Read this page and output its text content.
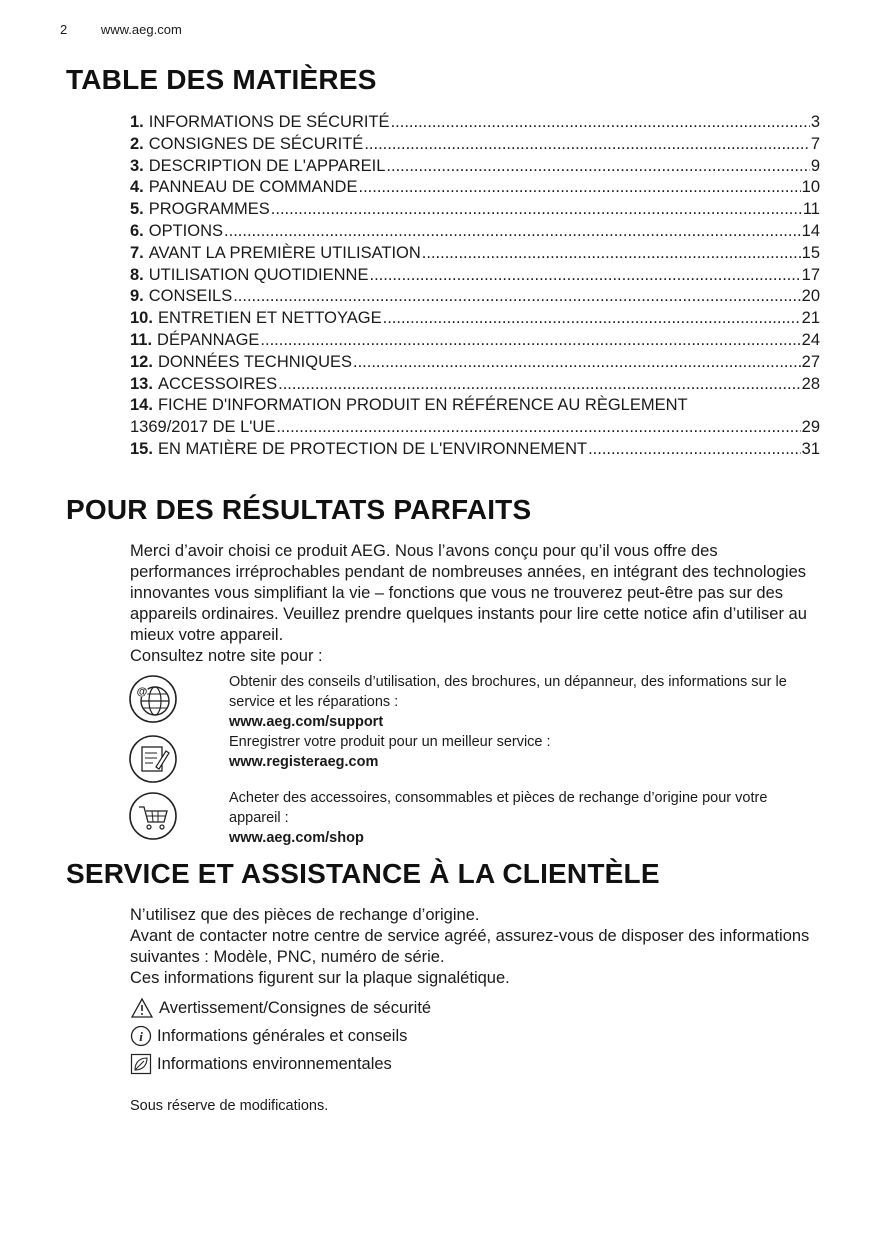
2	www.aeg.com
TABLE DES MATIÈRES
1. INFORMATIONS DE SÉCURITÉ .....	3
2. CONSIGNES DE SÉCURITÉ .....	7
3. DESCRIPTION DE L'APPAREIL .....	9
4. PANNEAU DE COMMANDE .....	10
5. PROGRAMMES .....	11
6. OPTIONS .....	14
7. AVANT LA PREMIÈRE UTILISATION .....	15
8. UTILISATION QUOTIDIENNE .....	17
9. CONSEILS .....	20
10. ENTRETIEN ET NETTOYAGE .....	21
11. DÉPANNAGE .....	24
12. DONNÉES TECHNIQUES .....	27
13. ACCESSOIRES .....	28
14. FICHE D'INFORMATION PRODUIT EN RÉFÉRENCE AU RÈGLEMENT
1369/2017 DE L'UE .....	29
15. EN MATIÈRE DE PROTECTION DE L'ENVIRONNEMENT .....	31
POUR DES RÉSULTATS PARFAITS

Merci d’avoir choisi ce produit AEG. Nous l’avons conçu pour qu’il vous offre des performances irréprochables pendant de nombreuses années, en intégrant des technologies innovantes vous simplifiant la vie – fonctions que vous ne trouverez peut-être pas sur des appareils ordinaires. Veuillez prendre quelques instants pour lire cette notice afin d’utiliser au mieux votre appareil.

Consultez notre site pour :

@
Obtenir des conseils d’utilisation, des brochures, un dépanneur, des informations sur le service et les réparations :
www.aeg.com/support
Enregistrer votre produit pour un meilleur service :
www.registeraeg.com
Acheter des accessoires, consommables et pièces de rechange d’origine pour votre appareil :
www.aeg.com/shop
SERVICE ET ASSISTANCE À LA CLIENTÈLE

N’utilisez que des pièces de rechange d’origine.

Avant de contacter notre centre de service agréé, assurez-vous de disposer des informations suivantes : Modèle, PNC, numéro de série.

Ces informations figurent sur la plaque signalétique.

Avertissement/Consignes de sécurité
i Informations générales et conseils
Informations environnementales
Sous réserve de modifications.
